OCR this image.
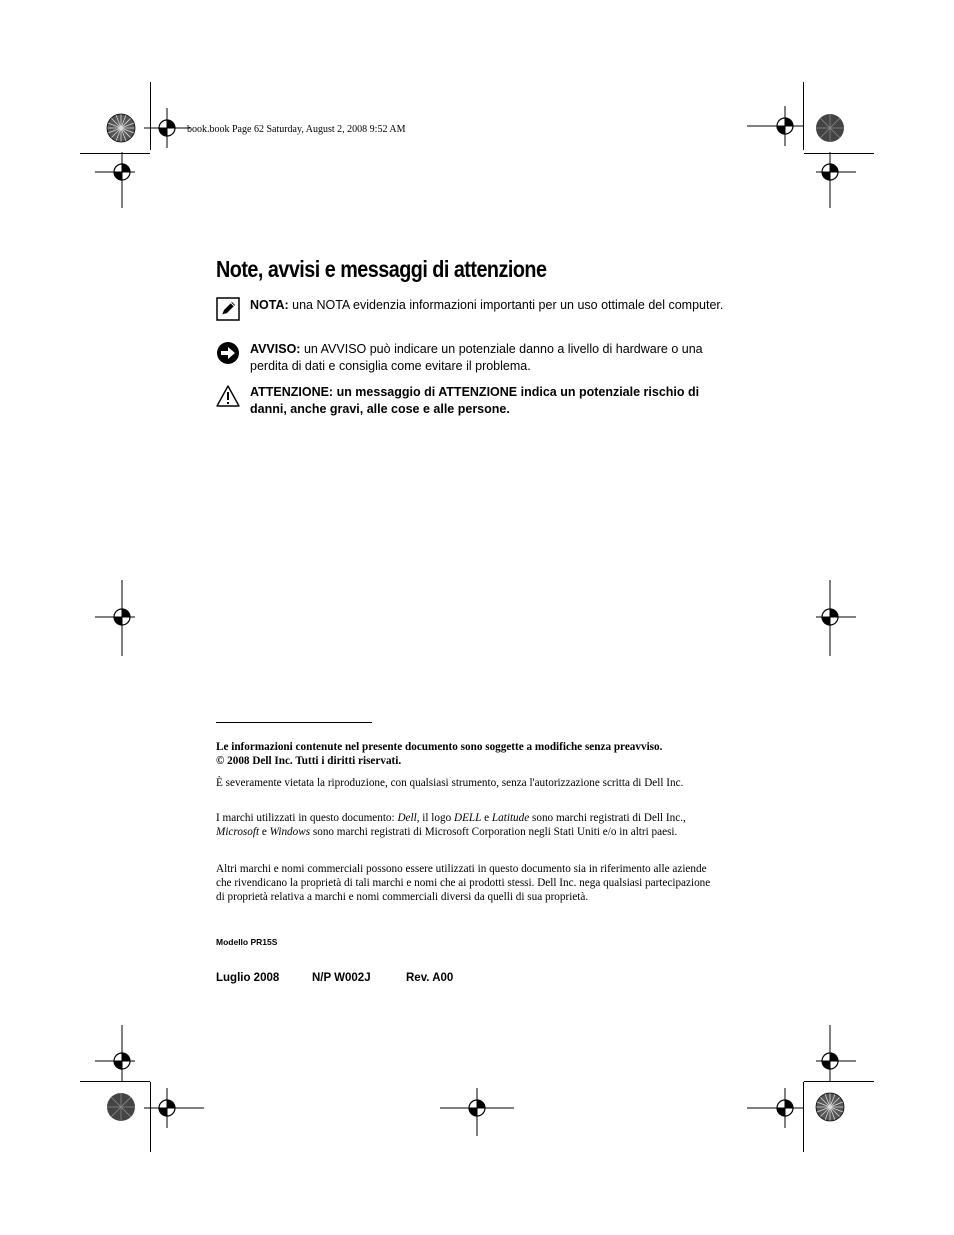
book.book Page 62 Saturday, August 2, 2008 9:52 AM
Note, avvisi e messaggi di attenzione
NOTA: una NOTA evidenzia informazioni importanti per un uso ottimale del computer.
AVVISO: un AVVISO può indicare un potenziale danno a livello di hardware o una perdita di dati e consiglia come evitare il problema.
ATTENZIONE: un messaggio di ATTENZIONE indica un potenziale rischio di danni, anche gravi, alle cose e alle persone.

Le informazioni contenute nel presente documento sono soggette a modifiche senza preavviso.

© 2008 Dell Inc. Tutti i diritti riservati.

È severamente vietata la riproduzione, con qualsiasi strumento, senza l'autorizzazione scritta di Dell Inc.

I marchi utilizzati in questo documento: Dell, il logo DELL e Latitude sono marchi registrati di Dell Inc., Microsoft e Windows sono marchi registrati di Microsoft Corporation negli Stati Uniti e/o in altri paesi.

Altri marchi e nomi commerciali possono essere utilizzati in questo documento sia in riferimento alle aziende che rivendicano la proprietà di tali marchi e nomi che ai prodotti stessi. Dell Inc. nega qualsiasi partecipazione di proprietà relativa a marchi e nomi commerciali diversi da quelli di sua proprietà.

Modello PR15S
Luglio 2008	N/P W002J	Rev. A00
